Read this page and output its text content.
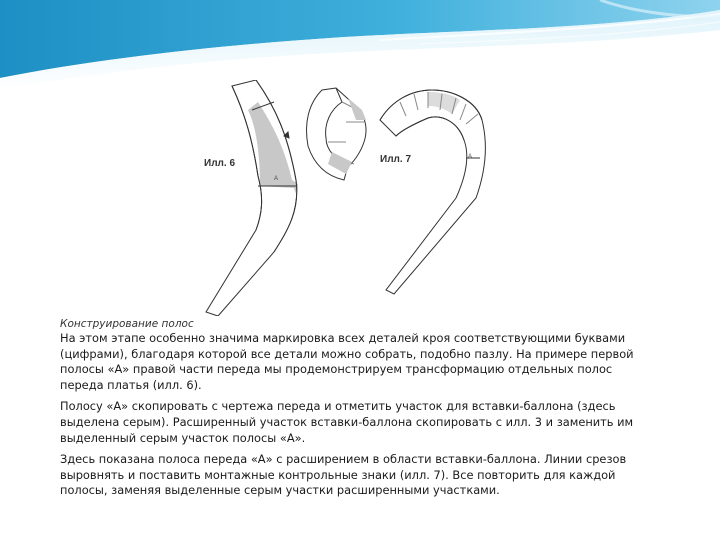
Илл. 6	Илл. 7
A
A

Конструирование полос

На этом этапе особенно значима маркировка всех деталей кроя соответствующими буквами
(цифрами), благодаря которой все детали можно собрать, подобно пазлу. На примере первой
полосы «А» правой части переда мы продемонстрируем трансформацию отдельных полос
переда платья (илл. 6).

Полосу «А» скопировать с чертежа переда и отметить участок для вставки-баллона (здесь
выделена серым). Расширенный участок вставки-баллона скопировать с илл. 3 и заменить им
выделенный серым участок полосы «А».

Здесь показана полоса переда «А» с расширением в области вставки-баллона. Линии срезов
выровнять и поставить монтажные контрольные знаки (илл. 7). Все повторить для каждой
полосы, заменяя выделенные серым участки расширенными участками.
